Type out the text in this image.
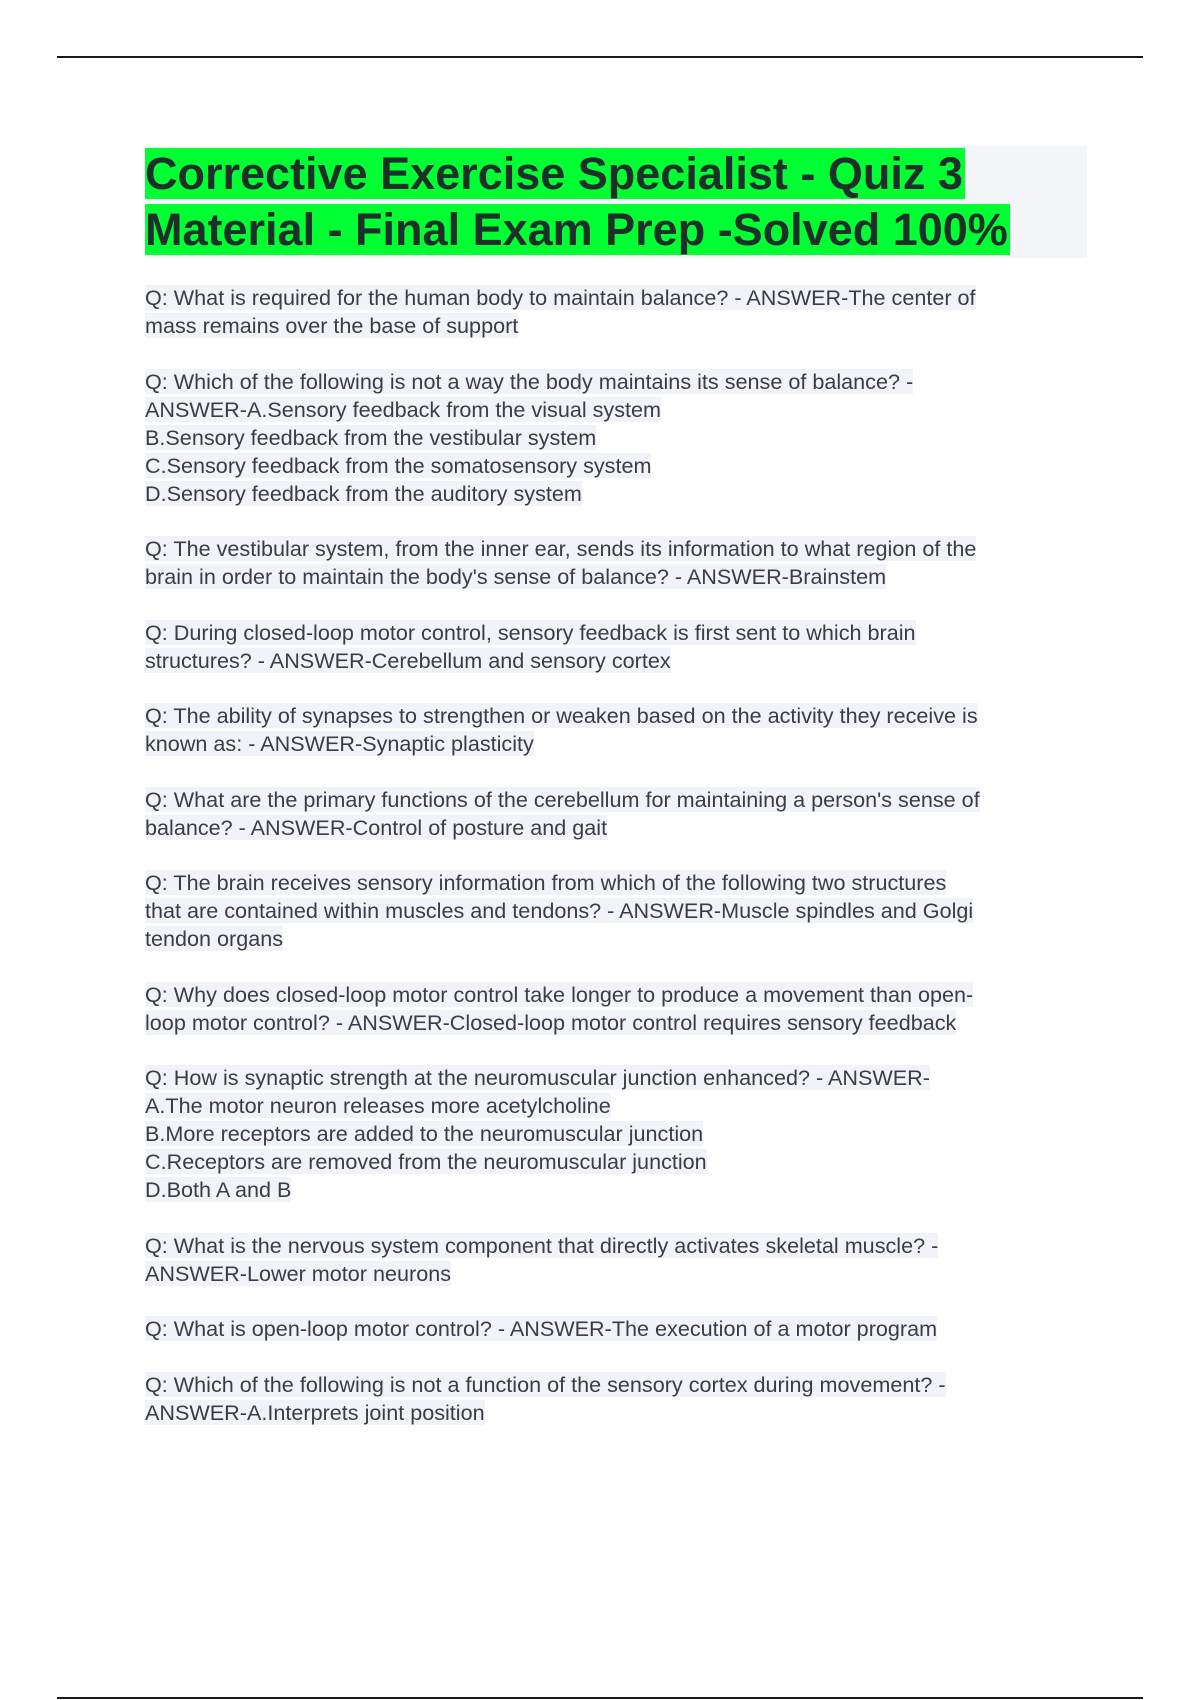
Corrective Exercise Specialist - Quiz 3
Material - Final Exam Prep -Solved 100%
Q: What is required for the human body to maintain balance? - ANSWER-The center of
mass remains over the base of support
Q: Which of the following is not a way the body maintains its sense of balance? -
ANSWER-A.Sensory feedback from the visual system
B.Sensory feedback from the vestibular system
C.Sensory feedback from the somatosensory system
D.Sensory feedback from the auditory system
Q: The vestibular system, from the inner ear, sends its information to what region of the
brain in order to maintain the body's sense of balance? - ANSWER-Brainstem
Q: During closed-loop motor control, sensory feedback is first sent to which brain
structures? - ANSWER-Cerebellum and sensory cortex
Q: The ability of synapses to strengthen or weaken based on the activity they receive is
known as: - ANSWER-Synaptic plasticity
Q: What are the primary functions of the cerebellum for maintaining a person's sense of
balance? - ANSWER-Control of posture and gait
Q: The brain receives sensory information from which of the following two structures
that are contained within muscles and tendons? - ANSWER-Muscle spindles and Golgi
tendon organs
Q: Why does closed-loop motor control take longer to produce a movement than open-
loop motor control? - ANSWER-Closed-loop motor control requires sensory feedback
Q: How is synaptic strength at the neuromuscular junction enhanced? - ANSWER-
A.The motor neuron releases more acetylcholine
B.More receptors are added to the neuromuscular junction
C.Receptors are removed from the neuromuscular junction
D.Both A and B
Q: What is the nervous system component that directly activates skeletal muscle? -
ANSWER-Lower motor neurons
Q: What is open-loop motor control? - ANSWER-The execution of a motor program
Q: Which of the following is not a function of the sensory cortex during movement? -
ANSWER-A.Interprets joint position
